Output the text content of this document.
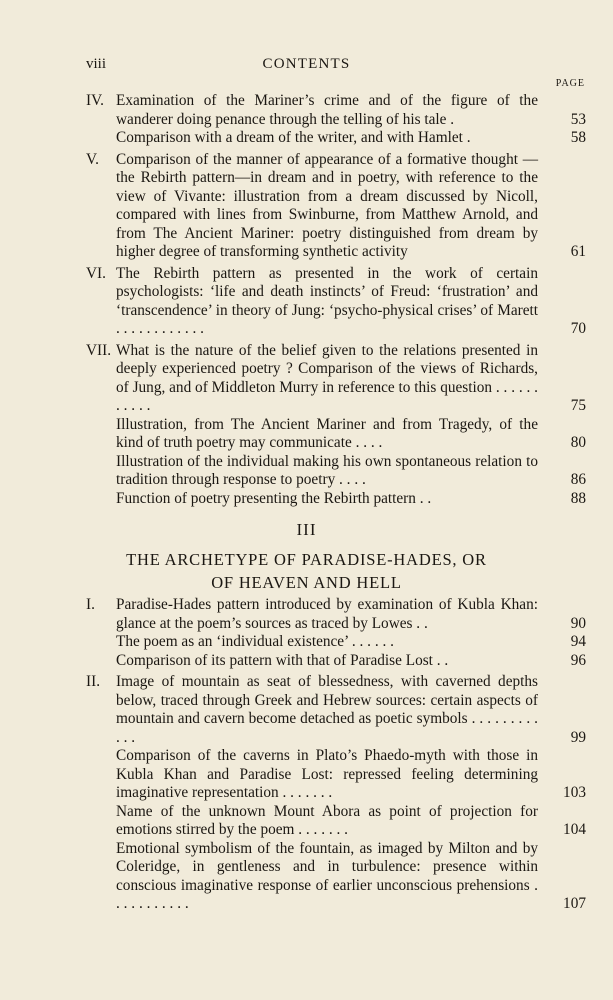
viii	CONTENTS
PAGE
IV. Examination of the Mariner’s crime and of the figure of the wanderer doing penance through the telling of his tale .	53
Comparison with a dream of the writer, and with Hamlet .	58
V.	Comparison of the manner of appearance of a formative thought —the Rebirth pattern—in dream and in poetry, with reference to the view of Vivante: illustration from a dream discussed by Nicoll, compared with lines from Swinburne, from Matthew Arnold, and from The Ancient Mariner: poetry distinguished from dream by higher degree of transforming synthetic activity	61
VI. The Rebirth pattern as presented in the work of certain psychologists: ‘life and death instincts’ of Freud: ‘frustration’ and ‘transcendence’ in theory of Jung: ‘psycho-physical crises’ of Marett . . . . . . . . . . . .	70
VII. What is the nature of the belief given to the relations presented in deeply experienced poetry ? Comparison of the views of Richards, of Jung, and of Middleton Murry in reference to this question . . . . . . . . . . .	75
Illustration, from The Ancient Mariner and from Tragedy, of the kind of truth poetry may communicate . . . .	80
Illustration of the individual making his own spontaneous relation to tradition through response to poetry . . . .	86
Function of poetry presenting the Rebirth pattern . .	88
III
THE ARCHETYPE OF PARADISE-HADES, OR
OF HEAVEN AND HELL
I.	Paradise-Hades pattern introduced by examination of Kubla Khan: glance at the poem’s sources as traced by Lowes . .	90
The poem as an ‘individual existence’ . . . . . .	94
Comparison of its pattern with that of Paradise Lost . .	96
II.	Image of mountain as seat of blessedness, with caverned depths below, traced through Greek and Hebrew sources: certain aspects of mountain and cavern become detached as poetic symbols . . . . . . . . . . . .	99
Comparison of the caverns in Plato’s Phaedo-myth with those in Kubla Khan and Paradise Lost: repressed feeling determining imaginative representation . . . . . . .	103
Name of the unknown Mount Abora as point of projection for emotions stirred by the poem . . . . . . .	104
Emotional symbolism of the fountain, as imaged by Milton and by Coleridge, in gentleness and in turbulence: presence within conscious imaginative response of earlier unconscious prehensions . . . . . . . . . . .	107
